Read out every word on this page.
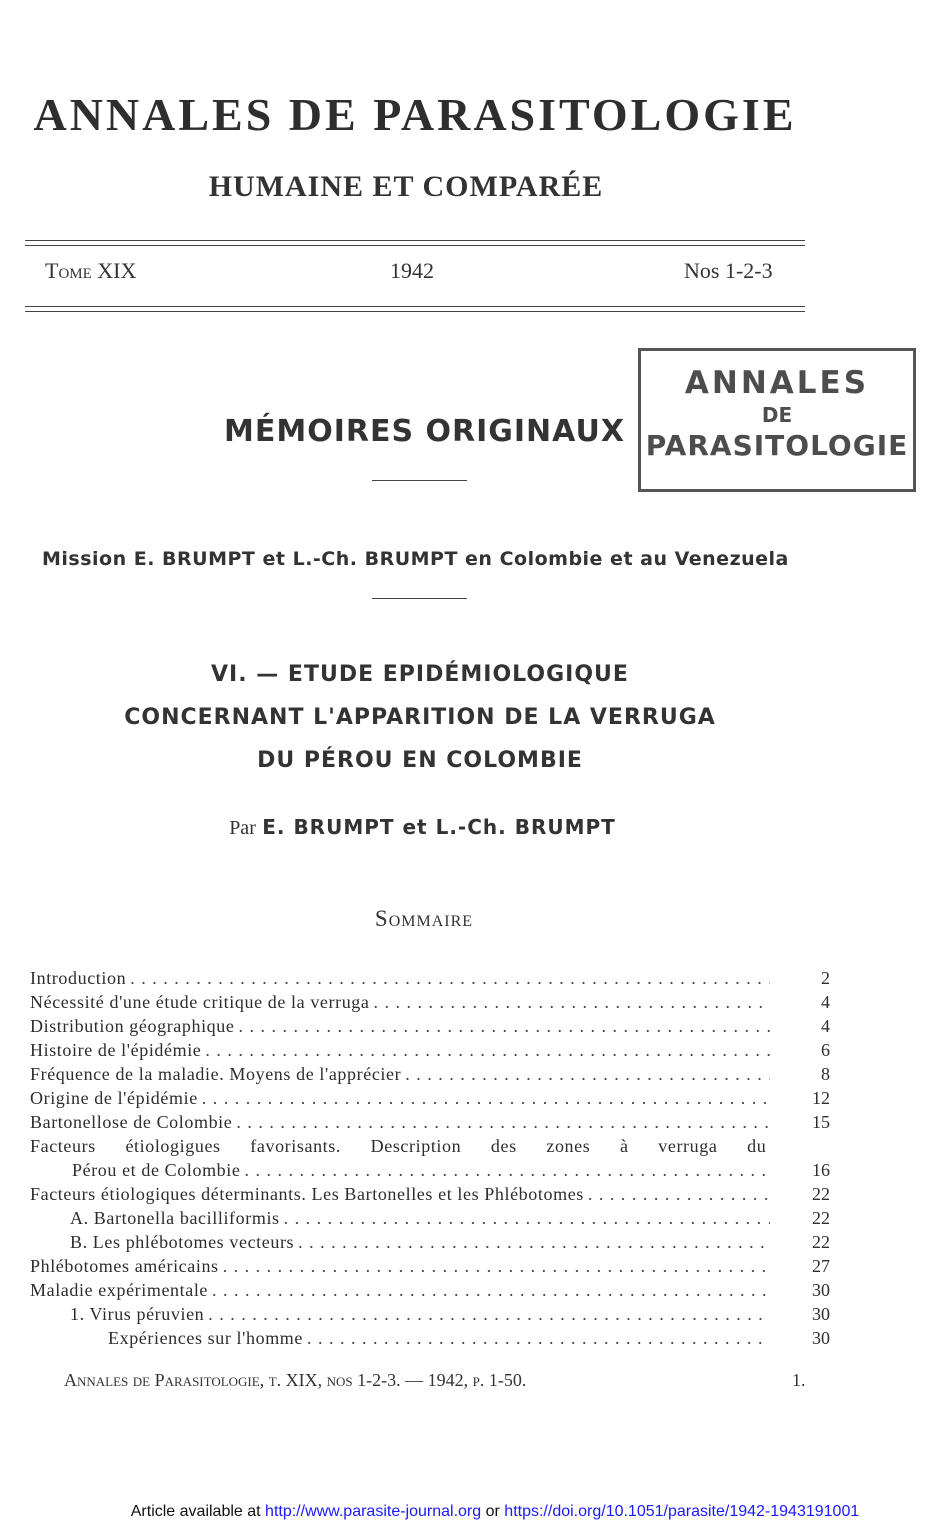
ANNALES DE PARASITOLOGIE
HUMAINE ET COMPARÉE
Tome XIX	1942	Nos 1-2-3
ANNALES
DE
PARASITOLOGIE
MÉMOIRES ORIGINAUX
Mission E. BRUMPT et L.-Ch. BRUMPT en Colombie et au Venezuela
VI. — ETUDE EPIDÉMIOLOGIQUE
CONCERNANT L'APPARITION DE LA VERRUGA
DU PÉROU EN COLOMBIE
Par E. BRUMPT et L.-Ch. BRUMPT
Sommaire
Introduction . . .	2
Nécessité d'une étude critique de la verruga . . .	4
Distribution géographique . . .	4
Histoire de l'épidémie . . .	6
Fréquence de la maladie. Moyens de l'apprécier . . .	8
Origine de l'épidémie . . .	12
Bartonellose de Colombie . . .	15
Facteurs étiologigues favorisants. Description des zones à verruga du
Pérou et de Colombie . . .	16
Facteurs étiologiques déterminants. Les Bartonelles et les Phlébotomes . . .	22
A. Bartonella bacilliformis . . .	22
B. Les phlébotomes vecteurs . . .	22
Phlébotomes américains . . .	27
Maladie expérimentale . . .	30
1. Virus péruvien . . .	30
Expériences sur l'homme . . .	30
Annales de Parasitologie, t. XIX, nos 1-2-3. — 1942, p. 1-50.	1.
Article available at http://www.parasite-journal.org or https://doi.org/10.1051/parasite/1942-1943191001
